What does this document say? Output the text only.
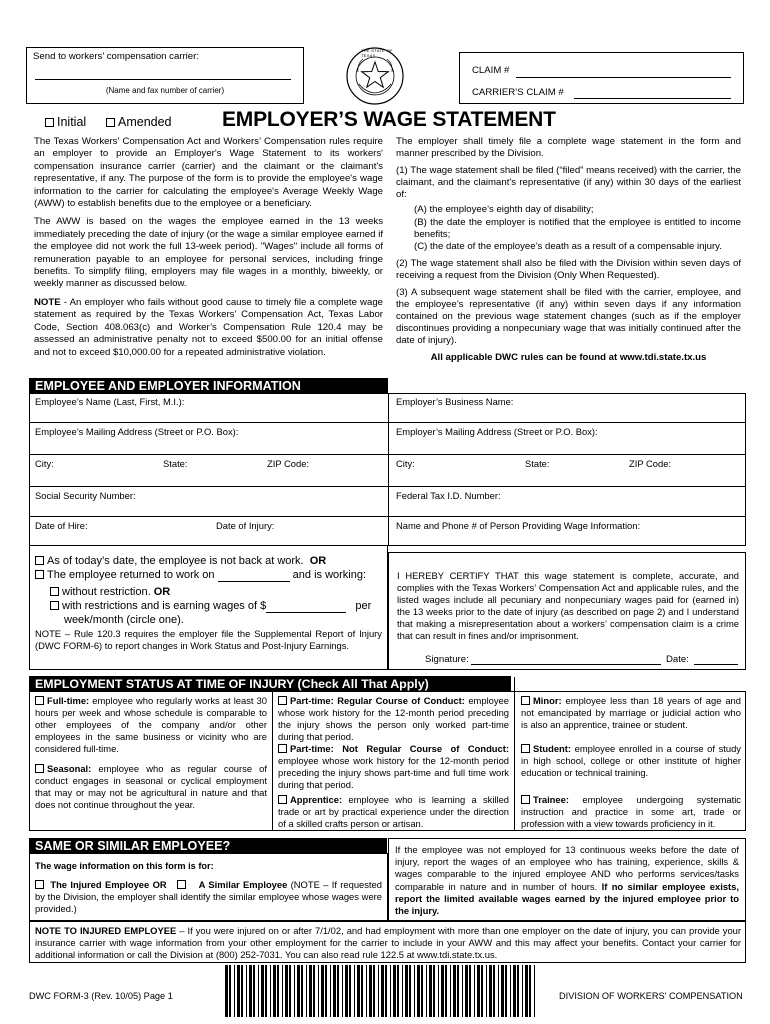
Send to workers’ compensation carrier:
(Name and fax number of carrier)
THE STATE OF TEXAS
CLAIM #
CARRIER’S CLAIM #
Initial	Amended EMPLOYER’S WAGE STATEMENT

The Texas Workers’ Compensation Act and Workers’ Compensation rules require an employer to provide an Employer's Wage Statement to its workers' compensation insurance carrier (carrier) and the claimant or the claimant's representative, if any. The purpose of the form is to provide the employee's wage information to the carrier for calculating the employee's Average Weekly Wage (AWW) to establish benefits due to the employee or a beneficiary.

The AWW is based on the wages the employee earned in the 13 weeks immediately preceding the date of injury (or the wage a similar employee earned if the employee did not work the full 13-week period). "Wages" include all forms of remuneration payable to an employee for personal services, including fringe benefits. To simplify filing, employers may file wages in a monthly, biweekly, or weekly manner as discussed below.

NOTE - An employer who fails without good cause to timely file a complete wage statement as required by the Texas Workers' Compensation Act, Texas Labor Code, Section 408.063(c) and Worker’s Compensation Rule 120.4 may be assessed an administrative penalty not to exceed $500.00 for an initial offense and not to exceed $10,000.00 for a repeated administrative violation.

The employer shall timely file a complete wage statement in the form and manner prescribed by the Division.

(1) The wage statement shall be filed (“filed” means received) with the carrier, the claimant, and the claimant's representative (if any) within 30 days of the earliest of:

(A) the employee’s eighth day of disability;
(B) the date the employer is notified that the employee is entitled to income benefits;
(C) the date of the employee’s death as a result of a compensable injury.

(2) The wage statement shall also be filed with the Division within seven days of receiving a request from the Division (Only When Requested).

(3) A subsequent wage statement shall be filed with the carrier, employee, and the employee’s representative (if any) within seven days if any information contained on the previous wage statement changes (such as if the employer discontinues providing a nonpecuniary wage that was initially continued after the date of injury).

All applicable DWC rules can be found at www.tdi.state.tx.us
EMPLOYEE AND EMPLOYER INFORMATION
Employee’s Name (Last, First, M.I.):	Employer’s Business Name:
Employee’s Mailing Address (Street or P.O. Box):	Employer’s Mailing Address (Street or P.O. Box):
City:	State:	ZIP Code:	City:	State:	ZIP Code:
Social Security Number:	Federal Tax I.D. Number:
Date of Hire:	Date of Injury:	Name and Phone # of Person Providing Wage Information:
As of today’s date, the employee is not back at work. OR
The employee returned to work on	and is working:
without restriction. OR
with restrictions and is earning wages of $	per
week/month (circle one).
NOTE – Rule 120.3 requires the employer file the Supplemental Report of Injury (DWC FORM-6) to report changes in Work Status and Post-Injury Earnings.
I HEREBY CERTIFY THAT this wage statement is complete, accurate, and complies with the Texas Workers’ Compensation Act and applicable rules, and the listed wages include all pecuniary and nonpecuniary wages paid for (earned in) the 13 weeks prior to the date of injury (as described on page 2) and I understand that making a misrepresentation about a workers’ compensation claim is a crime that can result in fines and/or imprisonment.
Signature:	Date:
EMPLOYMENT STATUS AT TIME OF INJURY (Check All That Apply)
Full-time: employee who regularly works at least 30 hours per week and whose schedule is comparable to other employees of the company and/or other employees in the same business or vicinity who are considered full-time.
Seasonal: employee who as regular course of conduct engages in seasonal or cyclical employment that may or may not be agricultural in nature and that does not continue throughout the year.
Part-time: Regular Course of Conduct: employee whose work history for the 12-month period preceding the injury shows the person only worked part-time during that period.
Part-time: Not Regular Course of Conduct: employee whose work history for the 12-month period preceding the injury shows part-time and full time work during that period.
Apprentice: employee who is learning a skilled trade or art by practical experience under the direction of a skilled crafts person or artisan.
Minor: employee less than 18 years of age and not emancipated by marriage or judicial action who is also an apprentice, trainee or student.
Student: employee enrolled in a course of study in high school, college or other institute of higher education or technical training.
Trainee: employee undergoing systematic instruction and practice in some art, trade or profession with a view towards proficiency in it.
SAME OR SIMILAR EMPLOYEE?
The wage information on this form is for:
The Injured Employee OR	A Similar Employee (NOTE – If requested by the Division, the employer shall identify the similar employee whose wages were provided.)
If the employee was not employed for 13 continuous weeks before the date of injury, report the wages of an employee who has training, experience, skills & wages comparable to the injured employee AND who performs services/tasks comparable in nature and in number of hours. If no similar employee exists, report the limited available wages earned by the injured employee prior to the injury.
NOTE TO INJURED EMPLOYEE – If you were injured on or after 7/1/02, and had employment with more than one employer on the date of injury, you can provide your insurance carrier with wage information from your other employment for the carrier to include in your AWW and this may affect your benefits. Contact your carrier for additional information or call the Division at (800) 252-7031. You can also read rule 122.5 at www.tdi.state.tx.us.
DWC FORM-3 (Rev. 10/05) Page 1	DIVISION OF WORKERS' COMPENSATION
